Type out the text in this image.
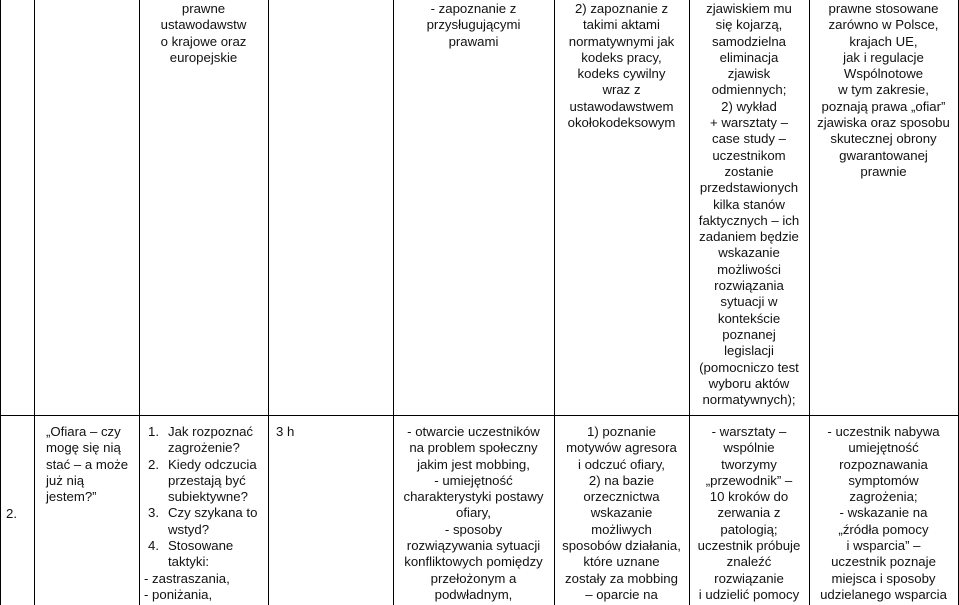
prawne
ustawodawstw
o krajowe oraz
europejskie
- zapoznanie z
przysługującymi
prawami
2) zapoznanie z
takimi aktami
normatywnymi jak
kodeks pracy,
kodeks cywilny
wraz z
ustawodawstwem
okołokodeksowym
zjawiskiem mu
się kojarzą,
samodzielna
eliminacja
zjawisk
odmiennych;
2) wykład
+ warsztaty –
case study –
uczestnikom
zostanie
przedstawionych
kilka stanów
faktycznych – ich
zadaniem będzie
wskazanie
możliwości
rozwiązania
sytuacji w
kontekście
poznanej
legislacji
(pomocniczo test
wyboru aktów
normatywnych);
prawne stosowane
zarówno w Polsce,
krajach UE,
jak i regulacje
Wspólnotowe
w tym zakresie,
poznają prawa „ofiar”
zjawiska oraz sposobu
skutecznej obrony
gwarantowanej
prawnie
2.
„Ofiara – czy
mogę się nią
stać – a może
już nią
jestem?”
1. Jak rozpoznać
zagrożenie?
2. Kiedy odczucia
przestają być
subiektywne?
3. Czy szykana to
wstyd?
4. Stosowane
taktyki:
- zastraszania,
- poniżania,
3 h	- otwarcie uczestników
na problem społeczny
jakim jest mobbing,
- umiejętność
charakterystyki postawy
ofiary,
- sposoby
rozwiązywania sytuacji
konfliktowych pomiędzy
przełożonym a
podwładnym,
1) poznanie
motywów agresora
i odczuć ofiary,
2) na bazie
orzecznictwa
wskazanie
możliwych
sposobów działania,
które uznane
zostały za mobbing
– oparcie na
- warsztaty –
wspólnie
tworzymy
„przewodnik” –
10 kroków do
zerwania z
patologią;
uczestnik próbuje
znaleźć
rozwiązanie
i udzielić pomocy
- uczestnik nabywa
umiejętność
rozpoznawania
symptomów
zagrożenia;
- wskazanie na
„źródła pomocy
i wsparcia” –
uczestnik poznaje
miejsca i sposoby
udzielanego wsparcia
